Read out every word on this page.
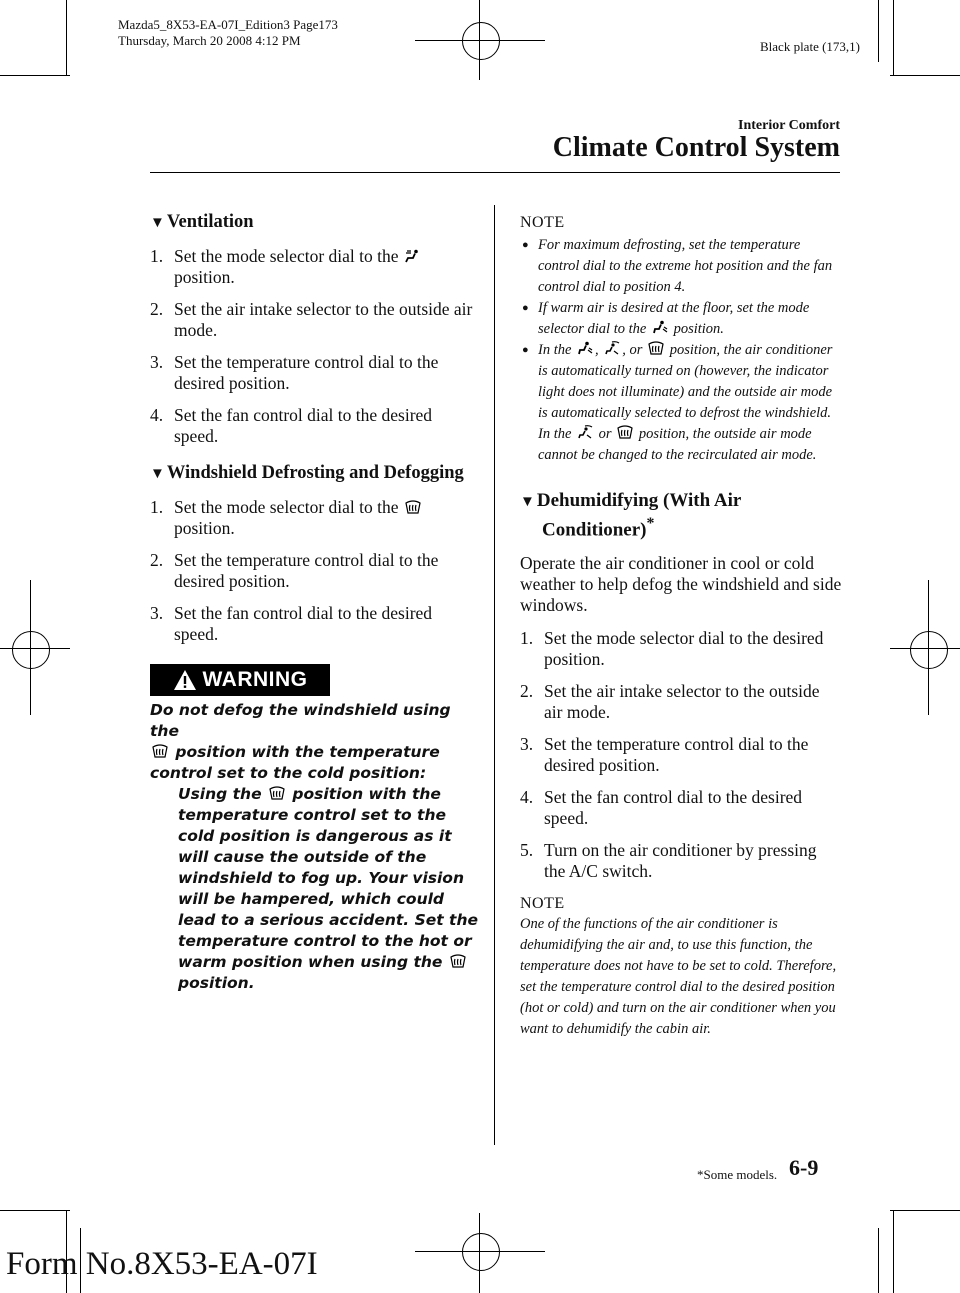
Mazda5_8X53-EA-07I_Edition3 Page173
Thursday, March 20 2008 4:12 PM	Black plate (173,1)
Interior Comfort
Climate Control System

▼ Ventilation

1. Set the mode selector dial to the  position.
2. Set the air intake selector to the outside air mode.
3. Set the temperature control dial to the desired position.
4. Set the fan control dial to the desired speed.

▼ Windshield Defrosting and Defogging

1. Set the mode selector dial to the  position.
2. Set the temperature control dial to the desired position.
3. Set the fan control dial to the desired speed.
WARNING
Do not defog the windshield using the
position with the temperature control set to the cold position:
Using the position with the temperature control set to the cold position is dangerous as it will cause the outside of the windshield to fog up. Your vision will be hampered, which could lead to a serious accident. Set the temperature control to the hot or warm position when using the  position.

NOTE

● For maximum defrosting, set the temperature control dial to the extreme hot position and the fan control dial to position 4.
● If warm air is desired at the floor, set the mode selector dial to the position.
● In the , , or position, the air conditioner is automatically turned on (however, the indicator light does not illuminate) and the outside air mode is automatically selected to defrost the windshield.
In the or position, the outside air mode cannot be changed to the recirculated air mode.

▼ Dehumidifying (With Air Conditioner)*

Operate the air conditioner in cool or cold weather to help defog the windshield and side windows.

1. Set the mode selector dial to the desired position.
2. Set the air intake selector to the outside air mode.
3. Set the temperature control dial to the desired position.
4. Set the fan control dial to the desired speed.
5. Turn on the air conditioner by pressing the A/C switch.

NOTE

One of the functions of the air conditioner is dehumidifying the air and, to use this function, the temperature does not have to be set to cold. Therefore, set the temperature control dial to the desired position (hot or cold) and turn on the air conditioner when you want to dehumidify the cabin air.

*Some models. 6-9
Form No.8X53-EA-07I
